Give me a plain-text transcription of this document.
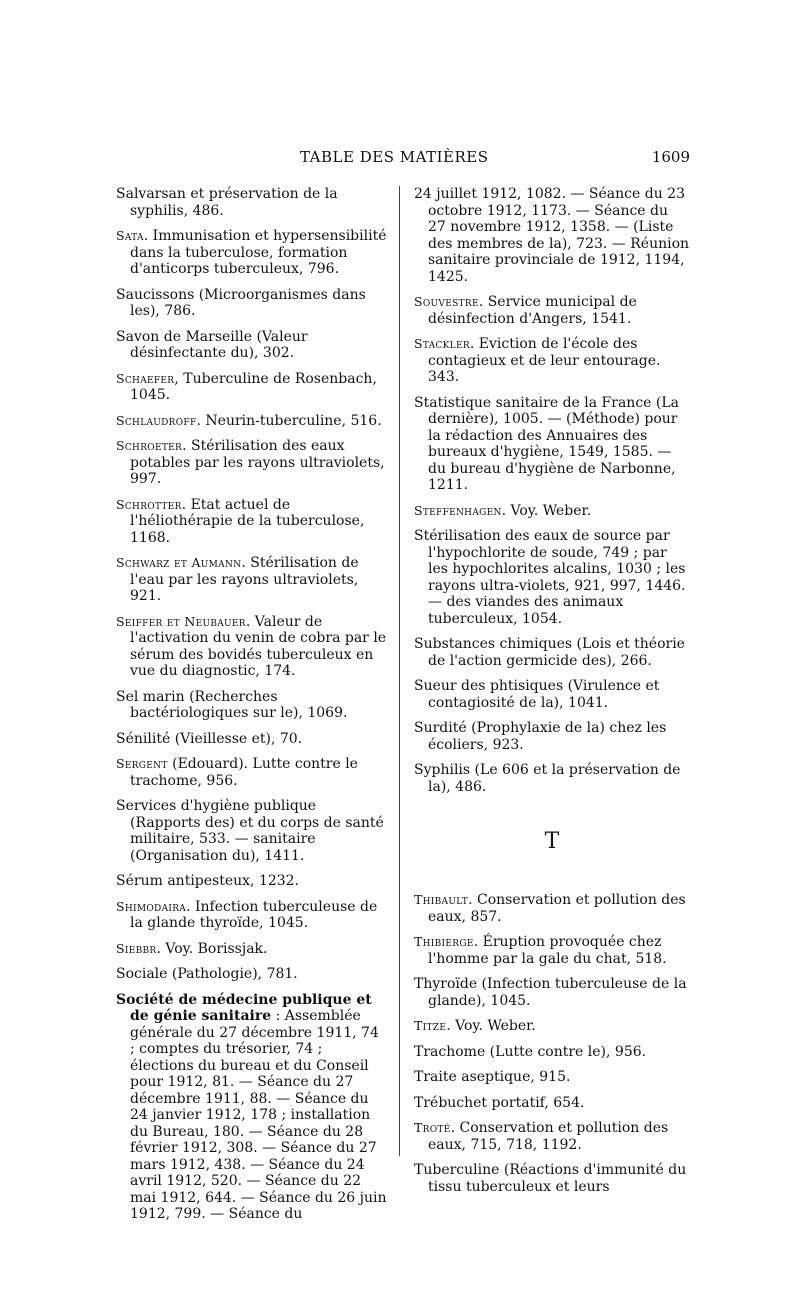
TABLE DES MATIÈRES	1609

Salvarsan et préservation de la syphilis, 486.

Sata. Immunisation et hypersensibilité dans la tuberculose, formation d'anticorps tuberculeux, 796.

Saucissons (Microorganismes dans les), 786.

Savon de Marseille (Valeur désinfectante du), 302.

Schaefer, Tuberculine de Rosenbach, 1045.

Schlaudroff. Neurin-tuberculine, 516.

Schroeter. Stérilisation des eaux potables par les rayons ultraviolets, 997.

Schrotter. Etat actuel de l'héliothérapie de la tuberculose, 1168.

Schwarz et Aumann. Stérilisation de l'eau par les rayons ultraviolets, 921.

Seiffer et Neubauer. Valeur de l'activation du venin de cobra par le sérum des bovidés tuberculeux en vue du diagnostic, 174.

Sel marin (Recherches bactériologiques sur le), 1069.

Sénilité (Vieillesse et), 70.

Sergent (Edouard). Lutte contre le trachome, 956.

Services d'hygiène publique (Rapports des) et du corps de santé militaire, 533. — sanitaire (Organisation du), 1411.

Sérum antipesteux, 1232.

Shimodaira. Infection tuberculeuse de la glande thyroïde, 1045.

Siebbr. Voy. Borissjak.

Sociale (Pathologie), 781.

Société de médecine publique et de génie sanitaire : Assemblée générale du 27 décembre 1911, 74 ; comptes du trésorier, 74 ; élections du bureau et du Conseil pour 1912, 81. — Séance du 27 décembre 1911, 88. — Séance du 24 janvier 1912, 178 ; installation du Bureau, 180. — Séance du 28 février 1912, 308. — Séance du 27 mars 1912, 438. — Séance du 24 avril 1912, 520. — Séance du 22 mai 1912, 644. — Séance du 26 juin 1912, 799. — Séance du

24 juillet 1912, 1082. — Séance du 23 octobre 1912, 1173. — Séance du 27 novembre 1912, 1358. — (Liste des membres de la), 723. — Réunion sanitaire provinciale de 1912, 1194, 1425.

Souvestre. Service municipal de désinfection d'Angers, 1541.

Stackler. Eviction de l'école des contagieux et de leur entourage. 343.

Statistique sanitaire de la France (La dernière), 1005. — (Méthode) pour la rédaction des Annuaires des bureaux d'hygiène, 1549, 1585. — du bureau d'hygiène de Narbonne, 1211.

Steffenhagen. Voy. Weber.

Stérilisation des eaux de source par l'hypochlorite de soude, 749 ; par les hypochlorites alcalins, 1030 ; les rayons ultra-violets, 921, 997, 1446. — des viandes des animaux tuberculeux, 1054.

Substances chimiques (Lois et théorie de l'action germicide des), 266.

Sueur des phtisiques (Virulence et contagiosité de la), 1041.

Surdité (Prophylaxie de la) chez les écoliers, 923.

Syphilis (Le 606 et la préservation de la), 486.

T

Thibault. Conservation et pollution des eaux, 857.

Thibierge. Éruption provoquée chez l'homme par la gale du chat, 518.

Thyroïde (Infection tuberculeuse de la glande), 1045.

Titze. Voy. Weber.

Trachome (Lutte contre le), 956.

Traite aseptique, 915.

Trébuchet portatif, 654.

Troté. Conservation et pollution des eaux, 715, 718, 1192.

Tuberculine (Réactions d'immunité du tissu tuberculeux et leurs
